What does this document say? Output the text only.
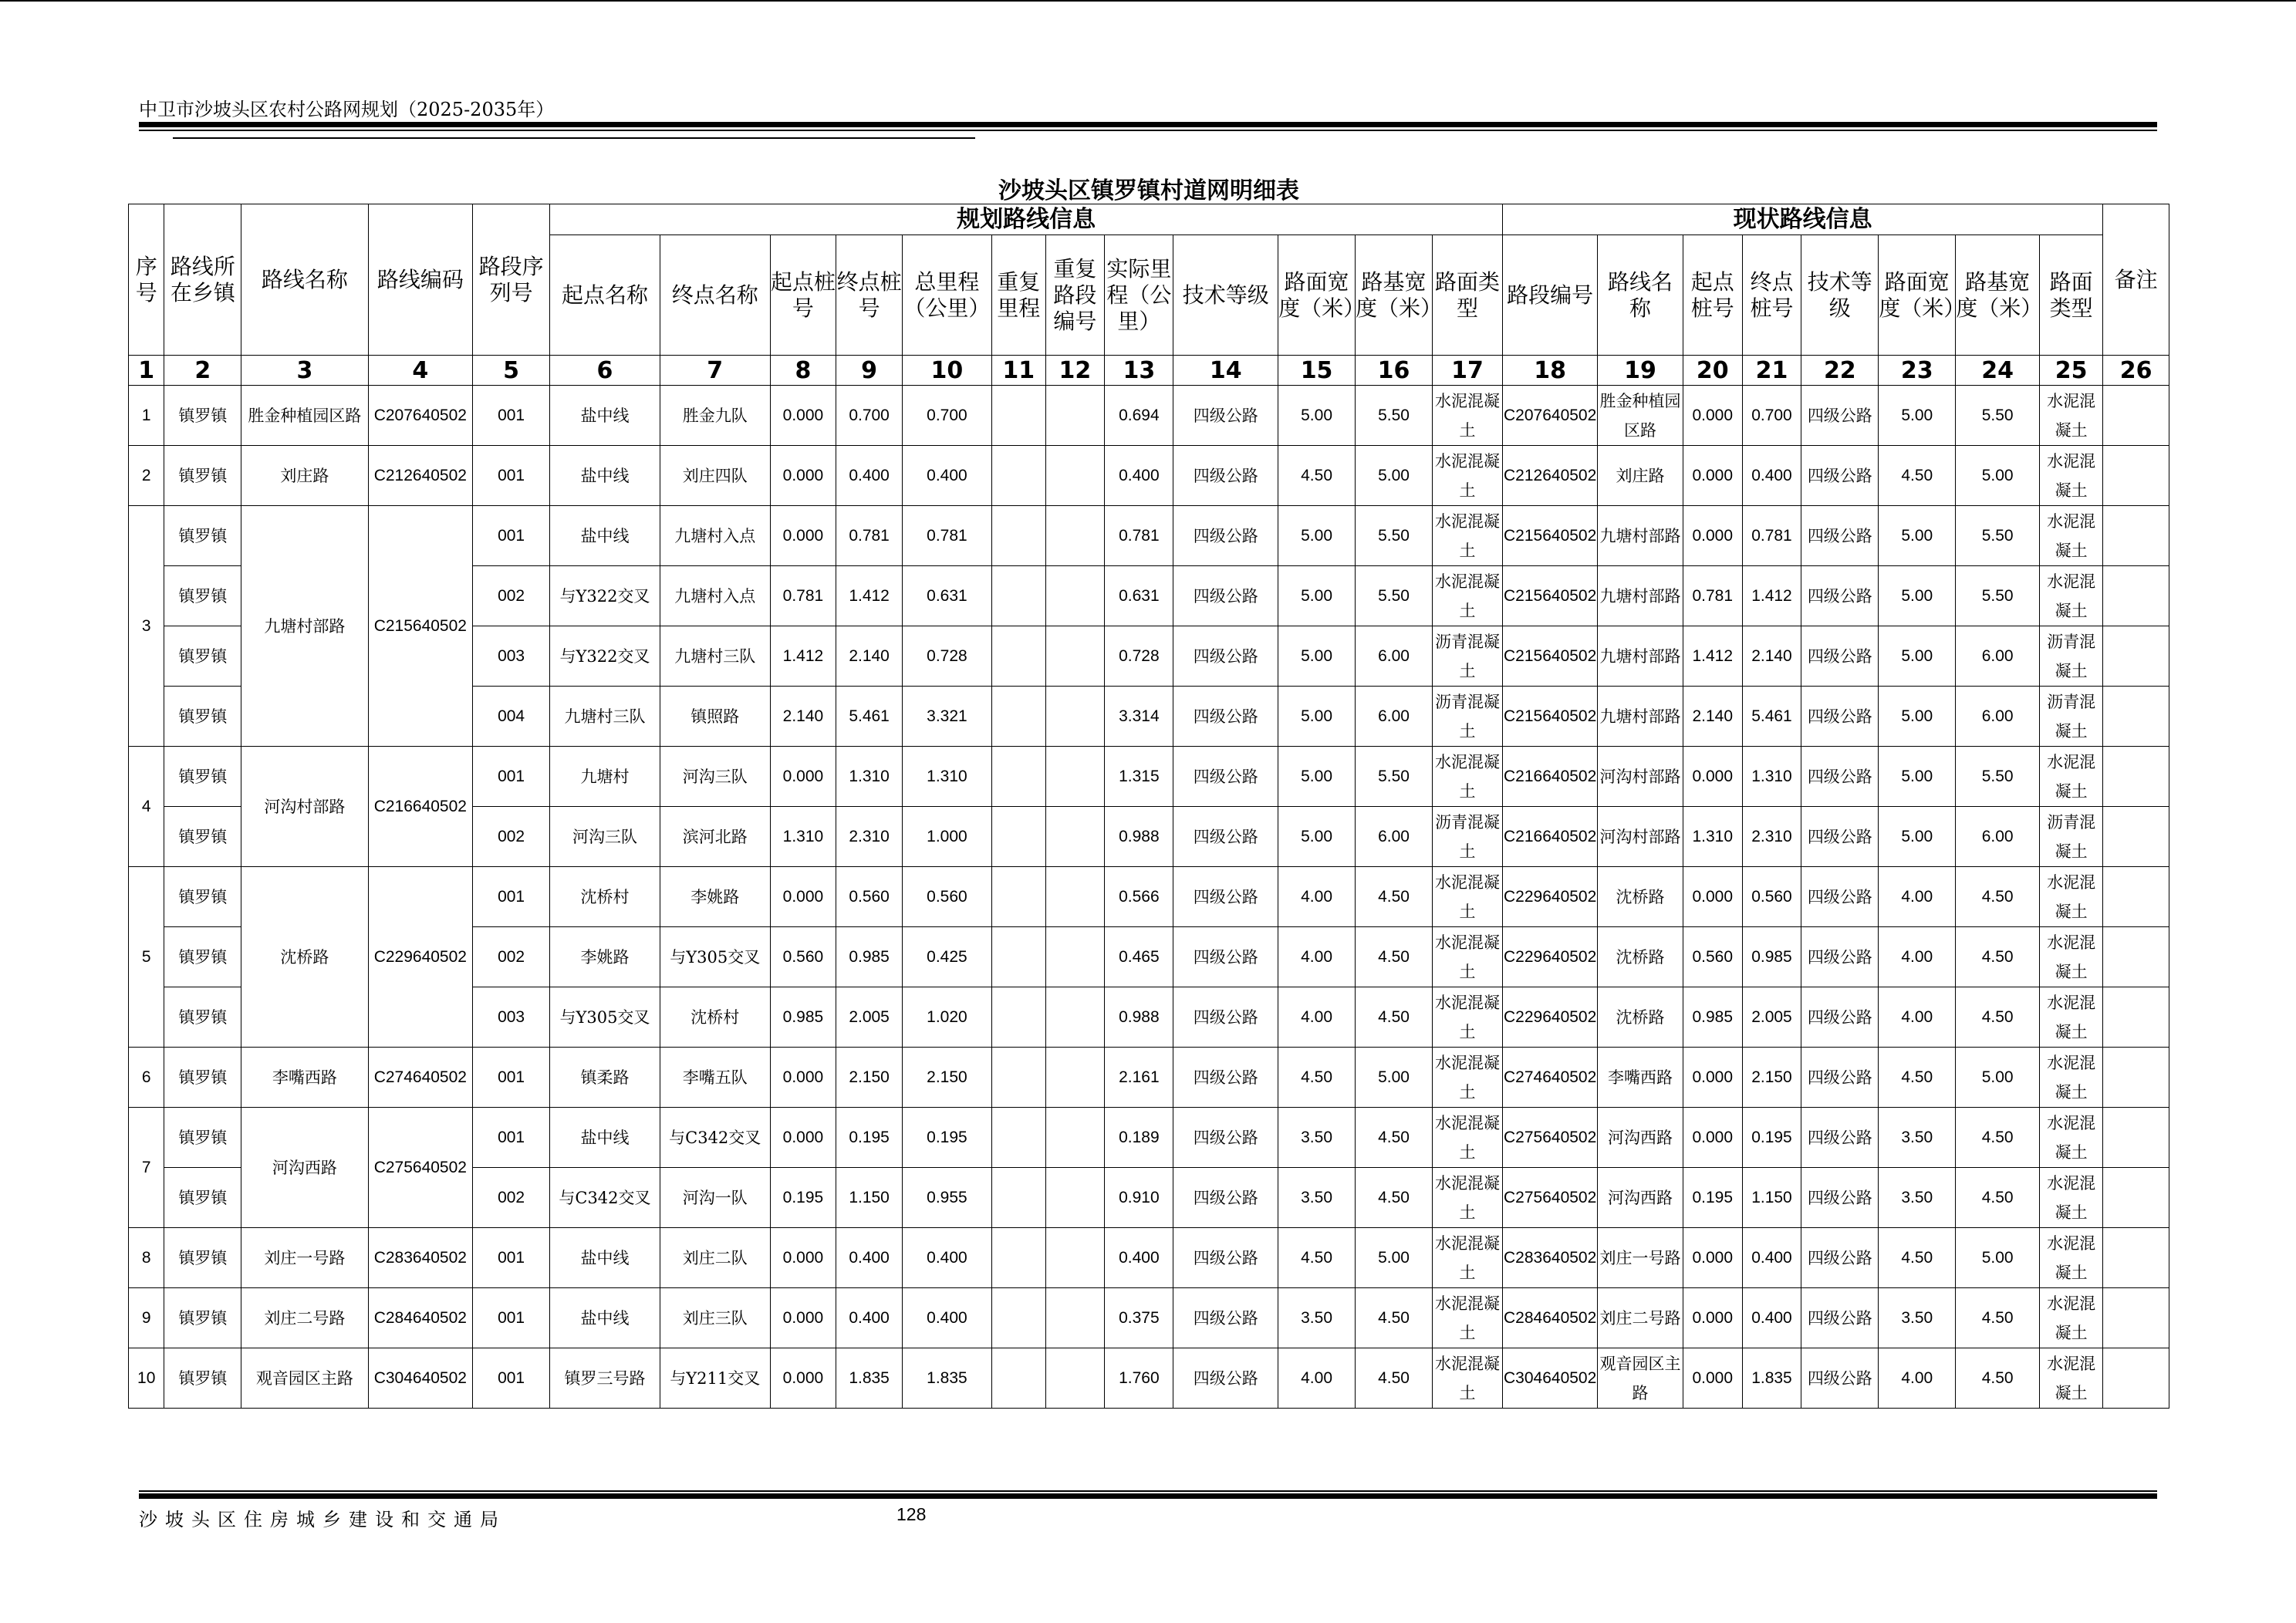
中卫市沙坡头区农村公路网规划（2025-2035年）
沙坡头区镇罗镇村道网明细表
序号	路线所在乡镇	路线名称	路线编码	路段序列号	规划路线信息												现状路线信息								备注
					起点名称	终点名称	起点桩号	终点桩号	总里程（公里）	重复里程	重复路段编号	实际里程（公里）	技术等级	路面宽度（米）	路基宽度（米）	路面类型	路段编号	路线名称	起点桩号	终点桩号	技术等级	路面宽度（米）	路基宽度（米）	路面类型	
1	2	3	4	5	6	7	8	9	10	11	12	13	14	15	16	17	18	19	20	21	22	23	24	25	26
1	镇罗镇	胜金种植园区路	C207640502	001	盐中线	胜金九队	0.000	0.700	0.700			0.694	四级公路	5.00	5.50	水泥混凝土	C207640502	胜金种植园区路	0.000	0.700	四级公路	5.00	5.50	水泥混凝土	
2	镇罗镇	刘庄路	C212640502	001	盐中线	刘庄四队	0.000	0.400	0.400			0.400	四级公路	4.50	5.00	水泥混凝土	C212640502	刘庄路	0.000	0.400	四级公路	4.50	5.00	水泥混凝土	
3	镇罗镇	九塘村部路	C215640502	001	盐中线	九塘村入点	0.000	0.781	0.781			0.781	四级公路	5.00	5.50	水泥混凝土	C215640502	九塘村部路	0.000	0.781	四级公路	5.00	5.50	水泥混凝土	
	镇罗镇			002	与Y322交叉	九塘村入点	0.781	1.412	0.631			0.631	四级公路	5.00	5.50	水泥混凝土	C215640502	九塘村部路	0.781	1.412	四级公路	5.00	5.50	水泥混凝土	
	镇罗镇			003	与Y322交叉	九塘村三队	1.412	2.140	0.728			0.728	四级公路	5.00	6.00	沥青混凝土	C215640502	九塘村部路	1.412	2.140	四级公路	5.00	6.00	沥青混凝土	
	镇罗镇			004	九塘村三队	镇照路	2.140	5.461	3.321			3.314	四级公路	5.00	6.00	沥青混凝土	C215640502	九塘村部路	2.140	5.461	四级公路	5.00	6.00	沥青混凝土	
4	镇罗镇	河沟村部路	C216640502	001	九塘村	河沟三队	0.000	1.310	1.310			1.315	四级公路	5.00	5.50	水泥混凝土	C216640502	河沟村部路	0.000	1.310	四级公路	5.00	5.50	水泥混凝土	
	镇罗镇			002	河沟三队	滨河北路	1.310	2.310	1.000			0.988	四级公路	5.00	6.00	沥青混凝土	C216640502	河沟村部路	1.310	2.310	四级公路	5.00	6.00	沥青混凝土	
5	镇罗镇	沈桥路	C229640502	001	沈桥村	李姚路	0.000	0.560	0.560			0.566	四级公路	4.00	4.50	水泥混凝土	C229640502	沈桥路	0.000	0.560	四级公路	4.00	4.50	水泥混凝土	
	镇罗镇			002	李姚路	与Y305交叉	0.560	0.985	0.425			0.465	四级公路	4.00	4.50	水泥混凝土	C229640502	沈桥路	0.560	0.985	四级公路	4.00	4.50	水泥混凝土	
	镇罗镇			003	与Y305交叉	沈桥村	0.985	2.005	1.020			0.988	四级公路	4.00	4.50	水泥混凝土	C229640502	沈桥路	0.985	2.005	四级公路	4.00	4.50	水泥混凝土	
6	镇罗镇	李嘴西路	C274640502	001	镇柔路	李嘴五队	0.000	2.150	2.150			2.161	四级公路	4.50	5.00	水泥混凝土	C274640502	李嘴西路	0.000	2.150	四级公路	4.50	5.00	水泥混凝土	
7	镇罗镇	河沟西路	C275640502	001	盐中线	与C342交叉	0.000	0.195	0.195			0.189	四级公路	3.50	4.50	水泥混凝土	C275640502	河沟西路	0.000	0.195	四级公路	3.50	4.50	水泥混凝土	
	镇罗镇			002	与C342交叉	河沟一队	0.195	1.150	0.955			0.910	四级公路	3.50	4.50	水泥混凝土	C275640502	河沟西路	0.195	1.150	四级公路	3.50	4.50	水泥混凝土	
8	镇罗镇	刘庄一号路	C283640502	001	盐中线	刘庄二队	0.000	0.400	0.400			0.400	四级公路	4.50	5.00	水泥混凝土	C283640502	刘庄一号路	0.000	0.400	四级公路	4.50	5.00	水泥混凝土	
9	镇罗镇	刘庄二号路	C284640502	001	盐中线	刘庄三队	0.000	0.400	0.400			0.375	四级公路	3.50	4.50	水泥混凝土	C284640502	刘庄二号路	0.000	0.400	四级公路	3.50	4.50	水泥混凝土	
10	镇罗镇	观音园区主路	C304640502	001	镇罗三号路	与Y211交叉	0.000	1.835	1.835			1.760	四级公路	4.00	4.50	水泥混凝土	C304640502	观音园区主路	0.000	1.835	四级公路	4.00	4.50	水泥混凝土	
沙坡头区住房城乡建设和交通局	128
